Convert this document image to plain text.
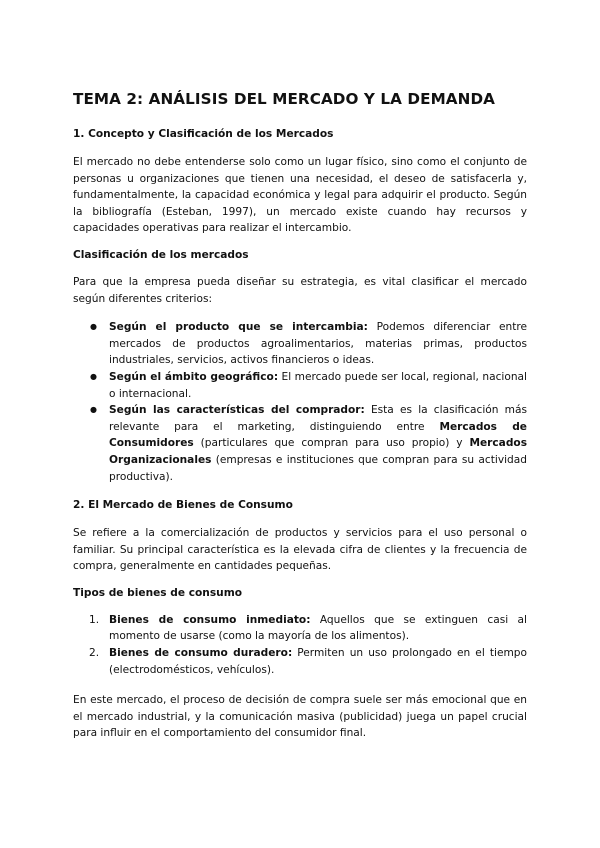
TEMA 2: ANÁLISIS DEL MERCADO Y LA DEMANDA
1. Concepto y Clasificación de los Mercados

El mercado no debe entenderse solo como un lugar físico, sino como el conjunto de personas u organizaciones que tienen una necesidad, el deseo de satisfacerla y, fundamentalmente, la capacidad económica y legal para adquirir el producto. Según la bibliografía (Esteban, 1997), un mercado existe cuando hay recursos y capacidades operativas para realizar el intercambio.

Clasificación de los mercados

Para que la empresa pueda diseñar su estrategia, es vital clasificar el mercado según diferentes criterios:

● Según el producto que se intercambia: Podemos diferenciar entre mercados de productos agroalimentarios, materias primas, productos industriales, servicios, activos financieros o ideas.
● Según el ámbito geográfico: El mercado puede ser local, regional, nacional o internacional.
● Según las características del comprador: Esta es la clasificación más relevante para el marketing, distinguiendo entre Mercados de Consumidores (particulares que compran para uso propio) y Mercados Organizacionales (empresas e instituciones que compran para su actividad productiva).
2. El Mercado de Bienes de Consumo

Se refiere a la comercialización de productos y servicios para el uso personal o familiar. Su principal característica es la elevada cifra de clientes y la frecuencia de compra, generalmente en cantidades pequeñas.

Tipos de bienes de consumo
1. Bienes de consumo inmediato: Aquellos que se extinguen casi al momento de usarse (como la mayoría de los alimentos).
2. Bienes de consumo duradero: Permiten un uso prolongado en el tiempo (electrodomésticos, vehículos).

En este mercado, el proceso de decisión de compra suele ser más emocional que en el mercado industrial, y la comunicación masiva (publicidad) juega un papel crucial para influir en el comportamiento del consumidor final.
